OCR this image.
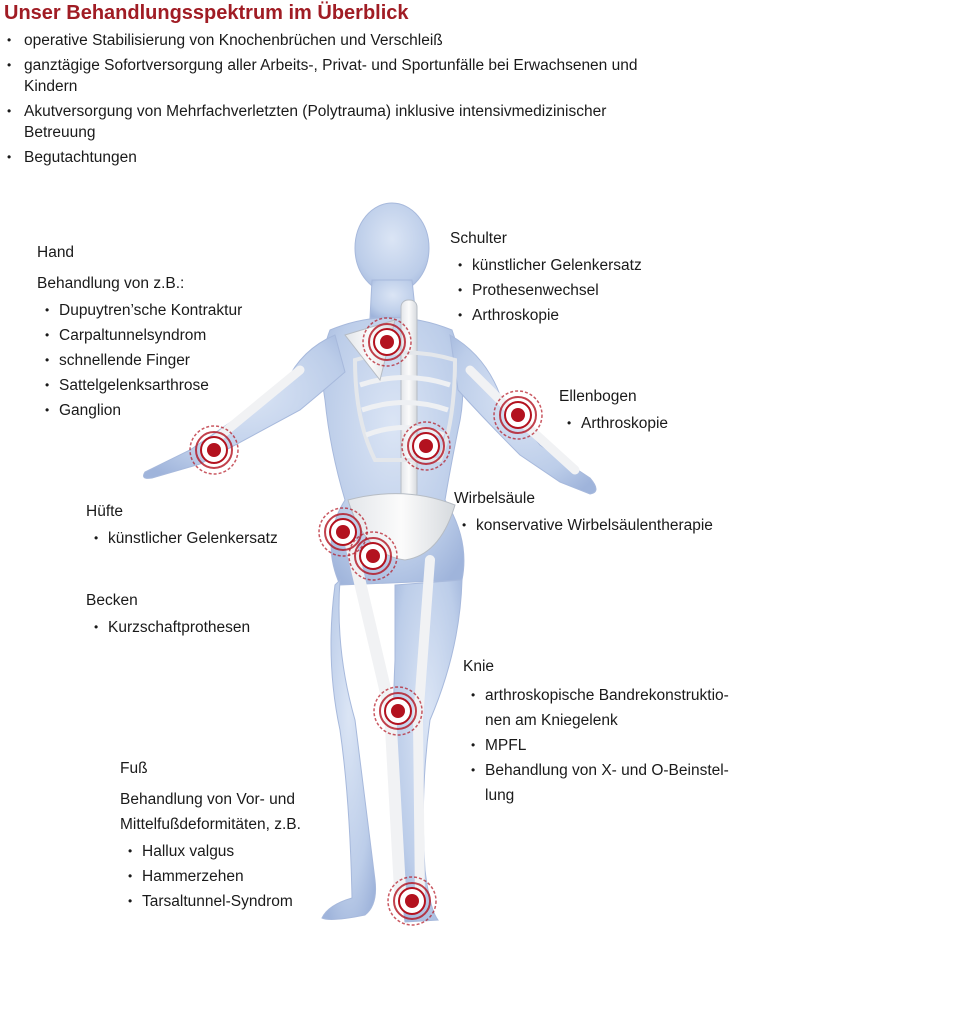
Unser Behandlungsspektrum im Überblick
• operative Stabilisierung von Knochenbrüchen und Verschleiß
• ganztägige Sofortversorgung aller Arbeits-, Privat- und Sportunfälle bei Erwachsenen und Kindern
• Akutversorgung von Mehrfachverletzten (Polytrauma) inklusive intensivmedizinischer Betreuung
• Begutachtungen
Hand
Behandlung von z.B.:
• Dupuytren’sche Kontraktur
• Carpaltunnelsyndrom
• schnellende Finger
• Sattelgelenksarthrose
• Ganglion
Schulter
• künstlicher Gelenkersatz
• Prothesenwechsel
• Arthroskopie
Ellenbogen
• Arthroskopie
Wirbelsäule
• konservative Wirbelsäulentherapie
Hüfte
• künstlicher Gelenkersatz
Becken
• Kurzschaftprothesen
Knie
• arthroskopische Bandrekonstruktio-nen am Kniegelenk
• MPFL
• Behandlung von X- und O-Beinstel-lung
Fuß
Behandlung von Vor- und Mittelfußdeformitäten, z.B.
• Hallux valgus
• Hammerzehen
• Tarsaltunnel-Syndrom
